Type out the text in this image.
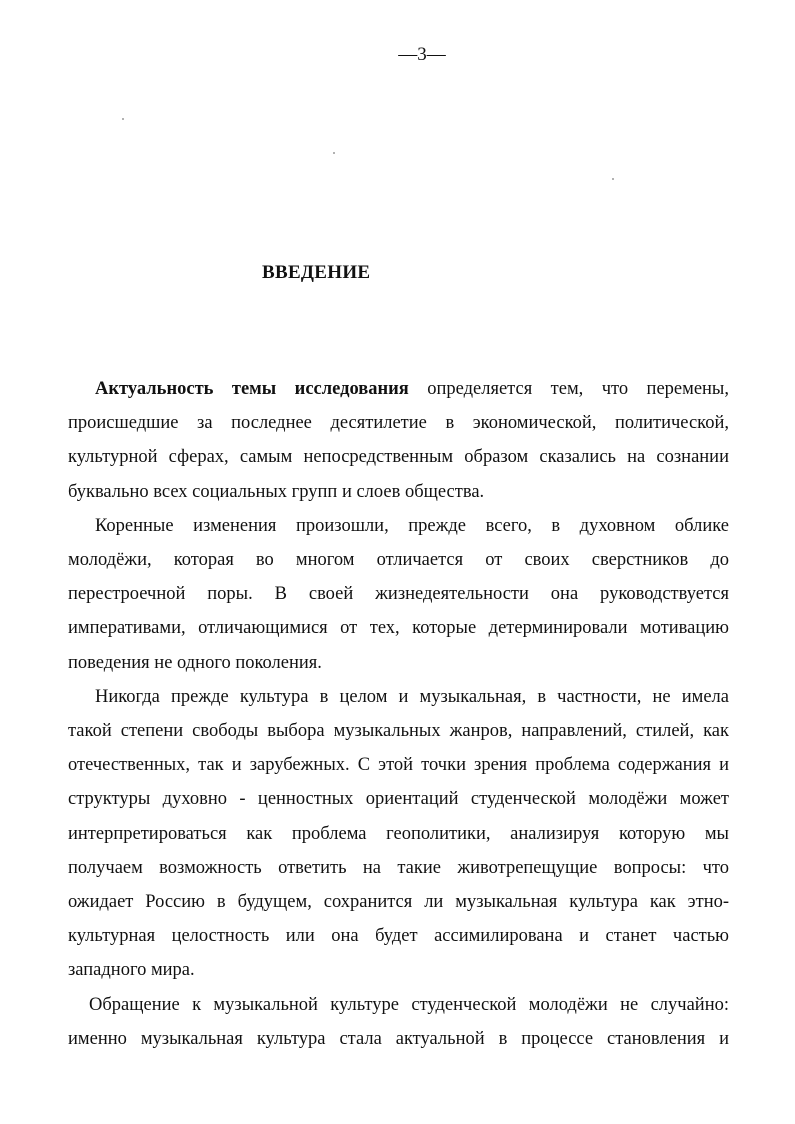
—3—
ВВЕДЕНИЕ
Актуальность темы исследования определяется тем, что перемены,
происшедшие за последнее десятилетие в экономической, политической,
культурной сферах, самым непосредственным образом сказались на сознании
буквально всех социальных групп и слоев общества.
Коренные изменения произошли, прежде всего, в духовном облике
молодёжи, которая во многом отличается от своих сверстников до
перестроечной поры. В своей жизнедеятельности она руководствуется
императивами, отличающимися от тех, которые детерминировали мотивацию
поведения не одного поколения.
Никогда прежде культура в целом и музыкальная, в частности, не имела
такой степени свободы выбора музыкальных жанров, направлений, стилей, как
отечественных, так и зарубежных. С этой точки зрения проблема содержания и
структуры духовно - ценностных ориентаций студенческой молодёжи может
интерпретироваться как проблема геополитики, анализируя которую мы
получаем возможность ответить на такие животрепещущие вопросы: что
ожидает Россию в будущем, сохранится ли музыкальная культура как этно-
культурная целостность или она будет ассимилирована и станет частью
западного мира.
Обращение к музыкальной культуре студенческой молодёжи не случайно:
именно музыкальная культура стала актуальной в процессе становления и
